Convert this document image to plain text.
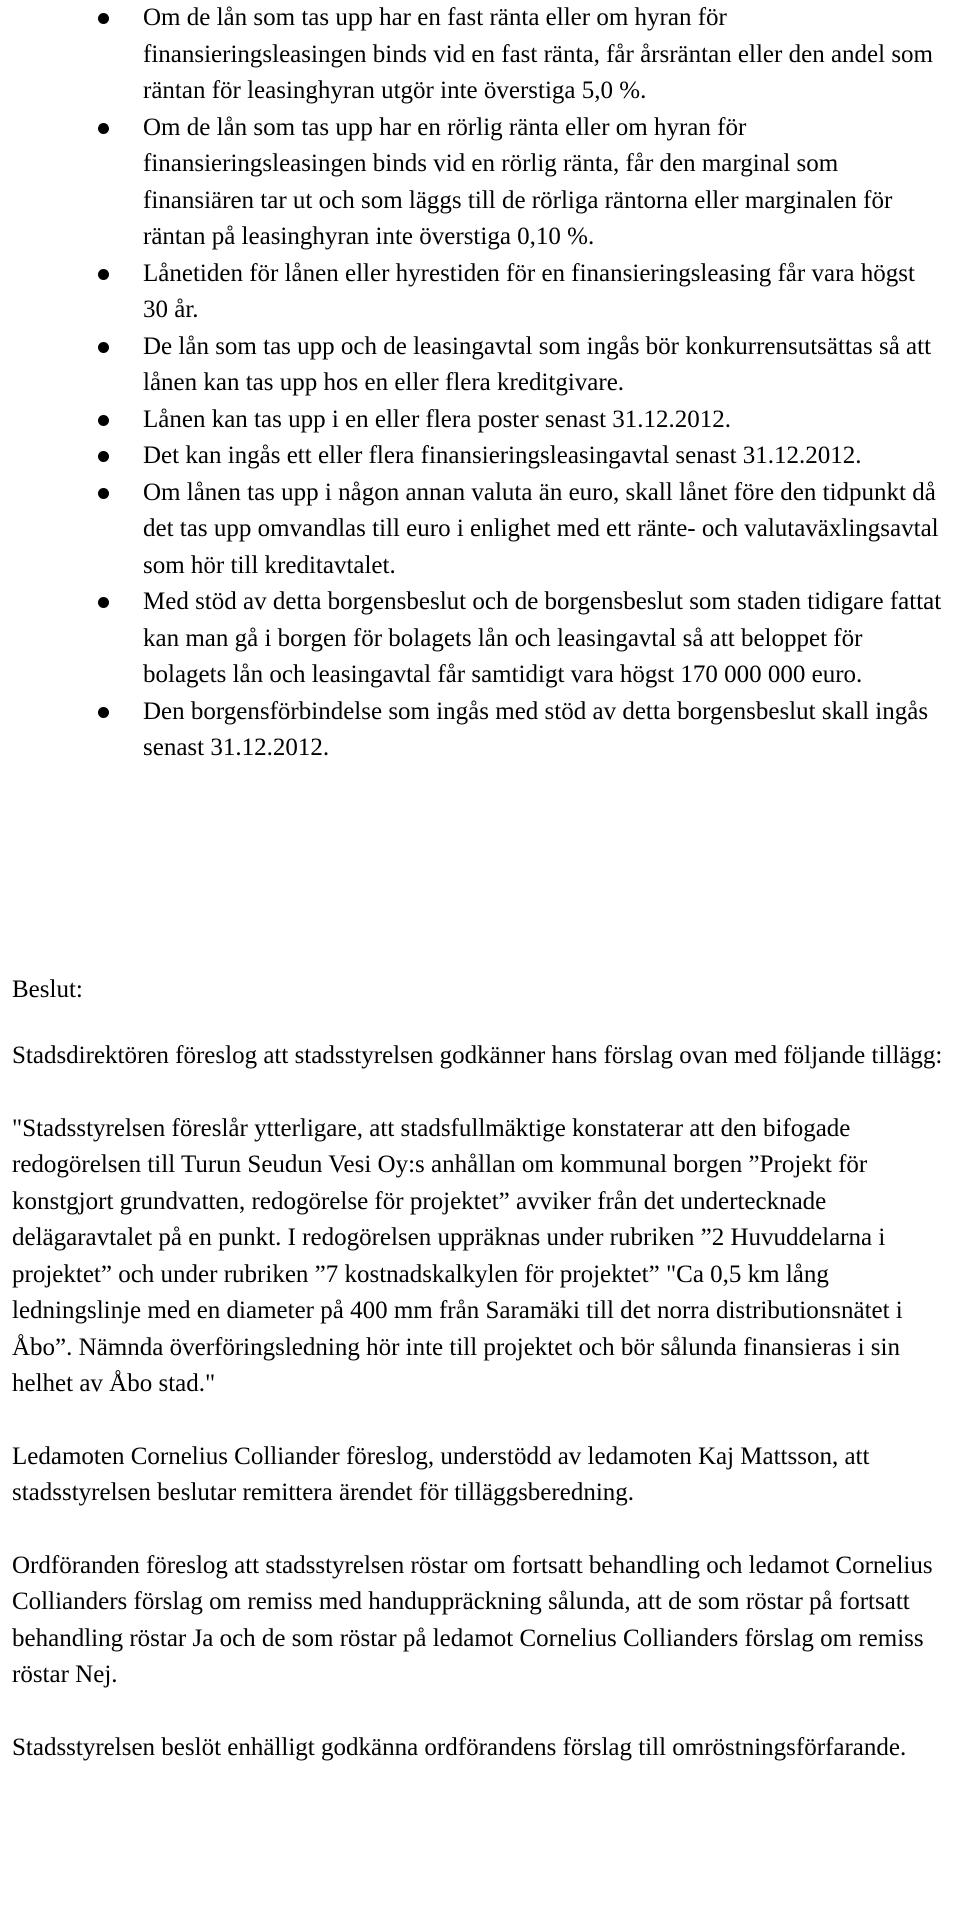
Om de lån som tas upp har en fast ränta eller om hyran för finansieringsleasingen binds vid en fast ränta, får årsräntan eller den andel som räntan för leasinghyran utgör inte överstiga 5,0 %.
Om de lån som tas upp har en rörlig ränta eller om hyran för finansieringsleasingen binds vid en rörlig ränta, får den marginal som finansiären tar ut och som läggs till de rörliga räntorna eller marginalen för räntan på leasinghyran inte överstiga 0,10 %.
Lånetiden för lånen eller hyrestiden för en finansieringsleasing får vara högst 30 år.
De lån som tas upp och de leasingavtal som ingås bör konkurrensutsättas så att lånen kan tas upp hos en eller flera kreditgivare.
Lånen kan tas upp i en eller flera poster senast 31.12.2012.
Det kan ingås ett eller flera finansieringsleasingavtal senast 31.12.2012.
Om lånen tas upp i någon annan valuta än euro, skall lånet före den tidpunkt då det tas upp omvandlas till euro i enlighet med ett ränte- och valutaväxlingsavtal som hör till kreditavtalet.
Med stöd av detta borgensbeslut och de borgensbeslut som staden tidigare fattat kan man gå i borgen för bolagets lån och leasingavtal så att beloppet för bolagets lån och leasingavtal får samtidigt vara högst 170 000 000 euro.
Den borgensförbindelse som ingås med stöd av detta borgensbeslut skall ingås senast 31.12.2012.
Beslut:

Stadsdirektören föreslog att stadsstyrelsen godkänner hans förslag ovan med följande tillägg:

"Stadsstyrelsen föreslår ytterligare, att stadsfullmäktige konstaterar att den bifogade redogörelsen till Turun Seudun Vesi Oy:s anhållan om kommunal borgen ”Projekt för konstgjort grundvatten, redogörelse för projektet” avviker från det undertecknade delägaravtalet på en punkt. I redogörelsen uppräknas under rubriken ”2 Huvuddelarna i projektet” och under rubriken ”7 kostnadskalkylen för projektet” "Ca 0,5 km lång ledningslinje med en diameter på 400 mm från Saramäki till det norra distributionsnätet i Åbo”. Nämnda överföringsledning hör inte till projektet och bör sålunda finansieras i sin helhet av Åbo stad."

Ledamoten Cornelius Colliander föreslog, understödd av ledamoten Kaj Mattsson, att stadsstyrelsen beslutar remittera ärendet för tilläggsberedning.

Ordföranden föreslog att stadsstyrelsen röstar om fortsatt behandling och ledamot Cornelius Collianders förslag om remiss med handuppräckning sålunda, att de som röstar på fortsatt behandling röstar Ja och de som röstar på ledamot Cornelius Collianders förslag om remiss röstar Nej.

Stadsstyrelsen beslöt enhälligt godkänna ordförandens förslag till omröstningsförfarande.
